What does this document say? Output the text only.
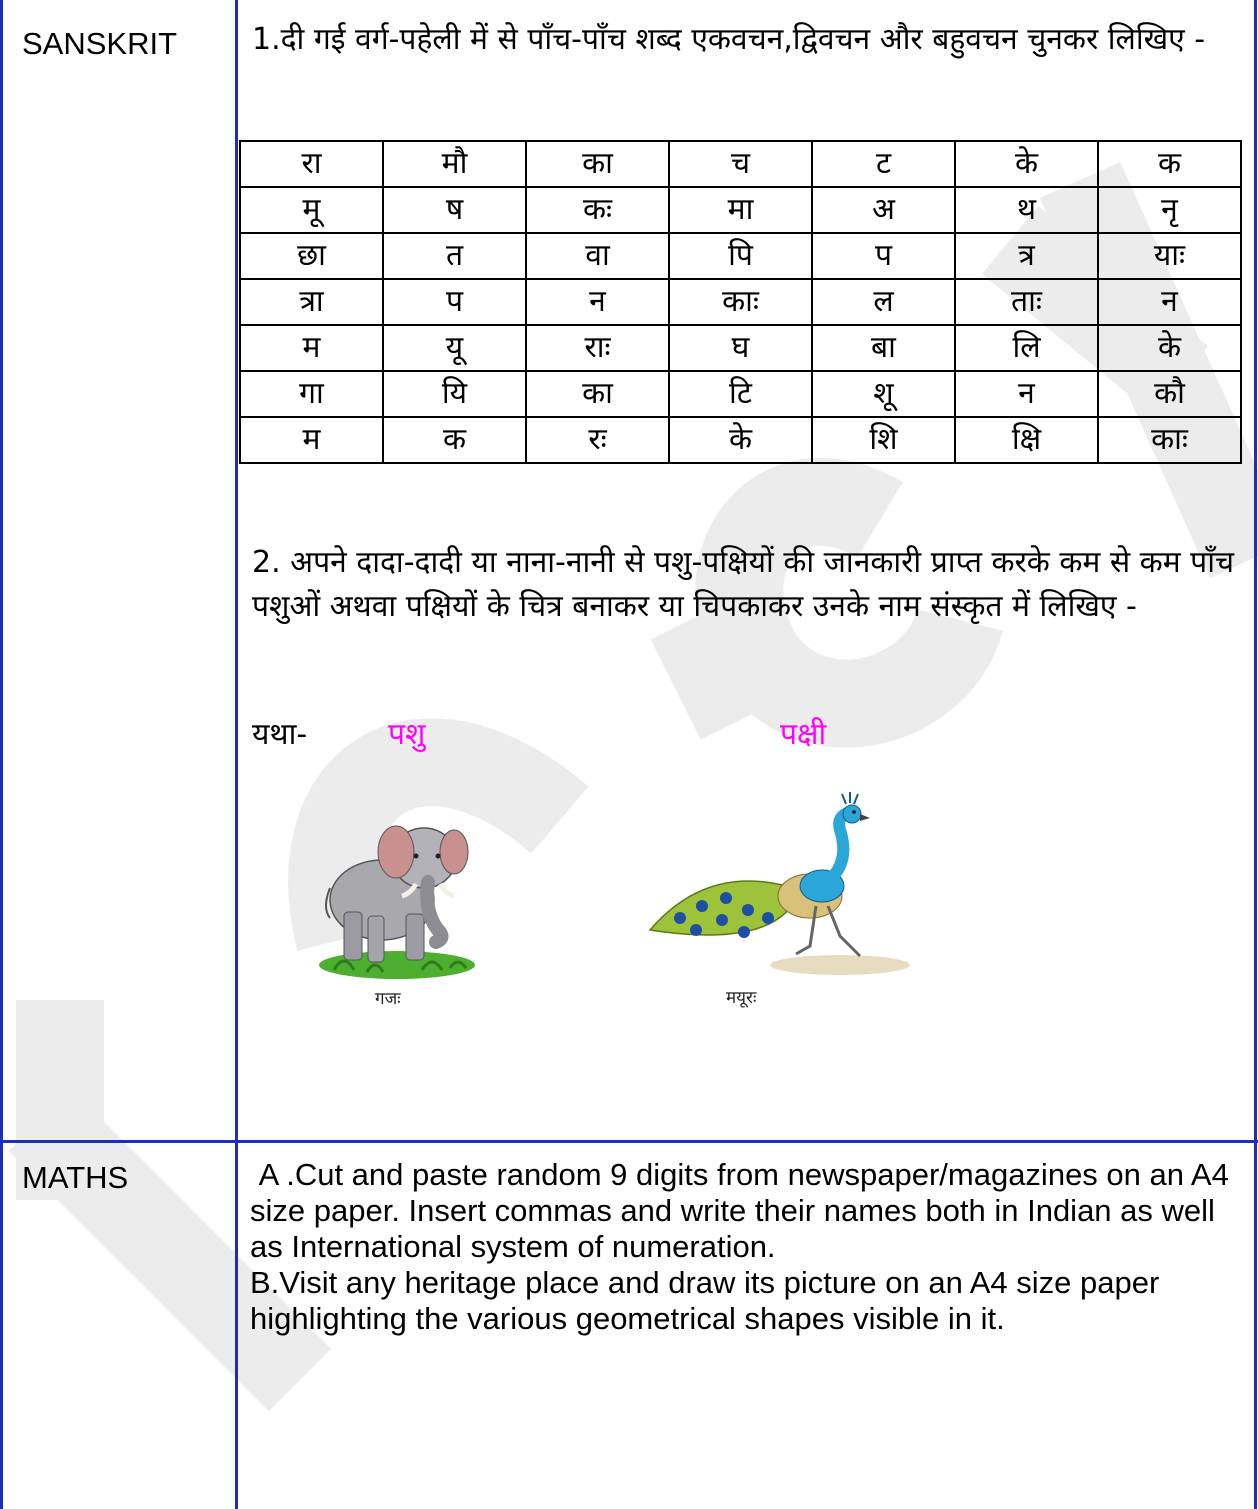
SANSKRIT 1.दी गई वर्ग-पहेली में से पाँच-पाँच शब्द एकवचन,द्विवचन और बहुवचन चुनकर लिखिए -
रा	मौ	का	च	ट	के	क
मू	ष	कः	मा	अ	थ	नृ
छा	त	वा	पि	प	त्र	याः
त्रा	प	न	काः	ल	ताः	न
म	यू	राः	घ	बा	लि	के
गा	यि	का	टि	शू	न	कौ
म	क	रः	के	शि	क्षि	काः
2. अपने दादा-दादी या नाना-नानी से पशु-पक्षियों की जानकारी प्राप्त करके कम से कम पाँच पशुओं अथवा पक्षियों के चित्र बनाकर या चिपकाकर उनके नाम संस्कृत में लिखिए -
यथा-	पशु	पक्षी
गजः	मयूरः
MATHS	A .Cut and paste random 9 digits from newspaper/magazines on an A4 size paper. Insert commas and write their names both in Indian as well as International system of numeration.

B.Visit any heritage place and draw its picture on an A4 size paper highlighting the various geometrical shapes visible in it.
